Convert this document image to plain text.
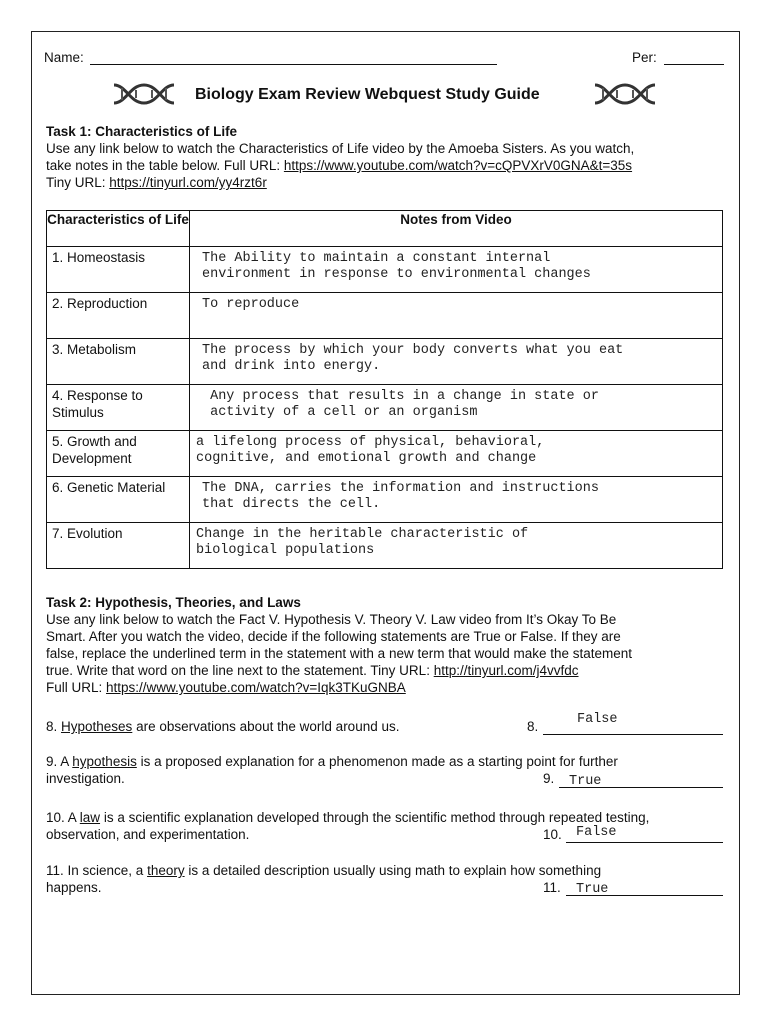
Name:	Per:
Biology Exam Review Webquest Study Guide
Task 1: Characteristics of Life
Use any link below to watch the Characteristics of Life video by the Amoeba Sisters. As you watch,
take notes in the table below. Full URL: https://www.youtube.com/watch?v=cQPVXrV0GNA&t=35s
Tiny URL: https://tinyurl.com/yy4rzt6r
Characteristics of Life	Notes from Video

1. Homeostasis	The Ability to maintain a constant internal
environment in response to environmental changes

2. Reproduction	To reproduce

3. Metabolism	The process by which your body converts what you eat
and drink into energy.

4. Response to
Stimulus	Any process that results in a change in state or
activity of a cell or an organism

5. Growth and
Development	a lifelong process of physical, behavioral,
cognitive, and emotional growth and change

6. Genetic Material	The DNA, carries the information and instructions
that directs the cell.

7. Evolution	Change in the heritable characteristic of
biological populations
Task 2: Hypothesis, Theories, and Laws
Use any link below to watch the Fact V. Hypothesis V. Theory V. Law video from It’s Okay To Be
Smart. After you watch the video, decide if the following statements are True or False. If they are
false, replace the underlined term in the statement with a new term that would make the statement
true. Write that word on the line next to the statement. Tiny URL: http://tinyurl.com/j4vvfdc
Full URL: https://www.youtube.com/watch?v=Iqk3TKuGNBA
8. Hypotheses are observations about the world around us.	8.	False
9. A hypothesis is a proposed explanation for a phenomenon made as a starting point for further
investigation.	9. True
10. A law is a scientific explanation developed through the scientific method through repeated testing,
observation, and experimentation.	10. False
11. In science, a theory is a detailed description usually using math to explain how something
happens.	11. True
